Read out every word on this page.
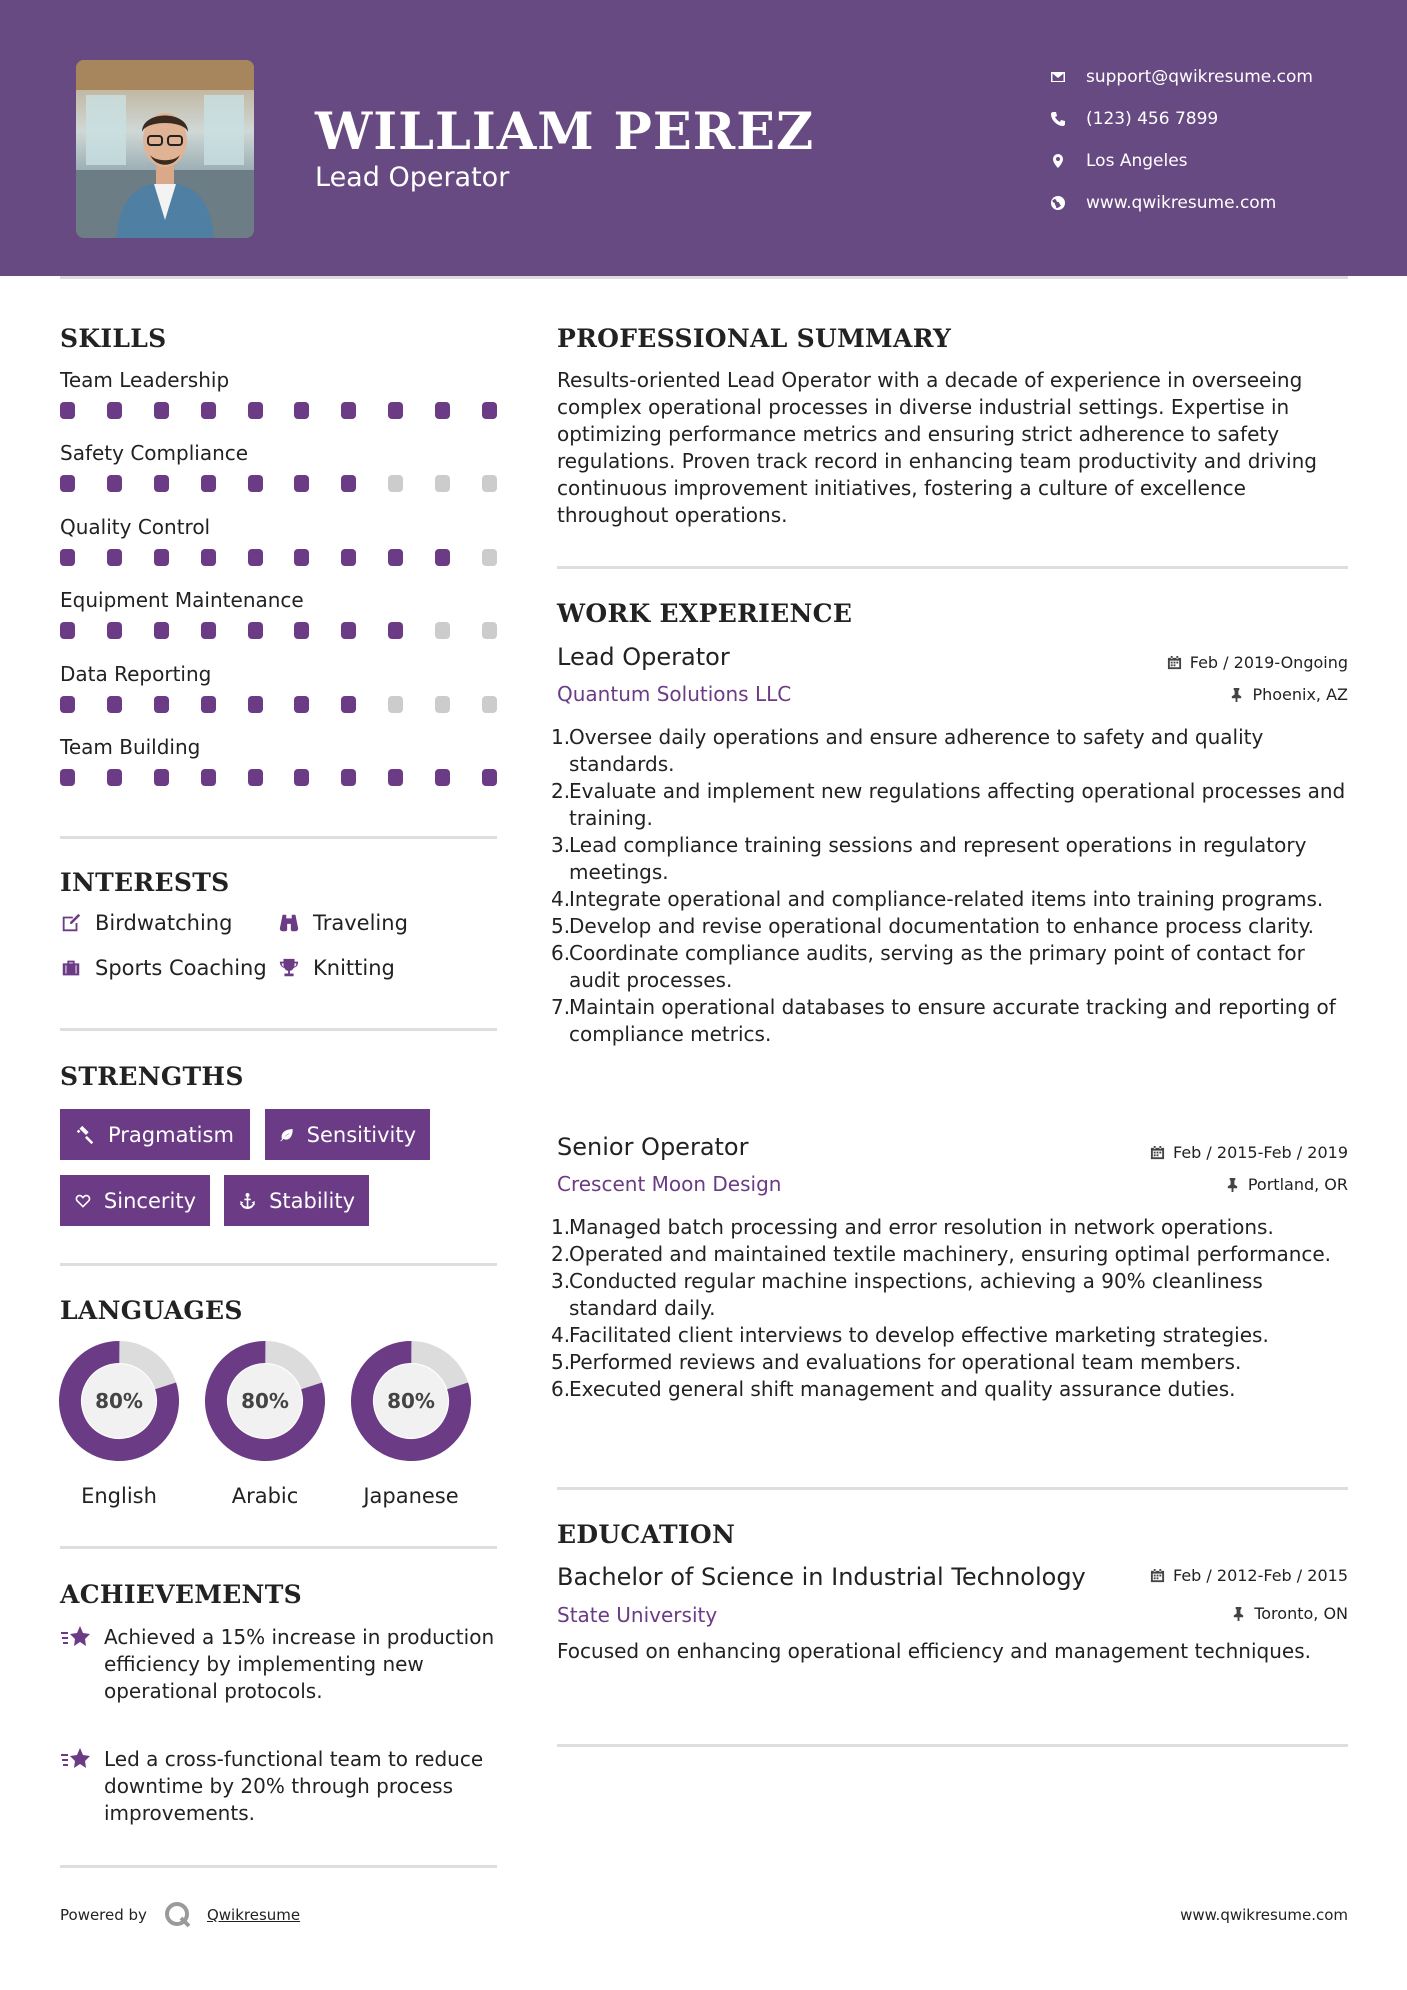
WILLIAM PEREZ
Lead Operator
support@qwikresume.com
(123) 456 7899
Los Angeles
www.qwikresume.com
SKILLS
Team Leadership
Safety Compliance
Quality Control
Equipment Maintenance
Data Reporting
Team Building
INTERESTS
Birdwatching	Traveling
Sports Coaching Knitting
STRENGTHS
Pragmatism	Sensitivity
Sincerity	Stability
LANGUAGES
80%
English
80%
Arabic
80%
Japanese
ACHIEVEMENTS
Achieved a 15% increase in production efficiency by implementing new operational protocols.
Led a cross-functional team to reduce downtime by 20% through process improvements.
PROFESSIONAL SUMMARY
Results-oriented Lead Operator with a decade of experience in overseeing complex operational processes in diverse industrial settings. Expertise in optimizing performance metrics and ensuring strict adherence to safety regulations. Proven track record in enhancing team productivity and driving continuous improvement initiatives, fostering a culture of excellence throughout operations.
WORK EXPERIENCE
Lead Operator	Feb / 2019-Ongoing
Quantum Solutions LLC	Phoenix, AZ
1.
Oversee daily operations and ensure adherence to safety and quality standards.
2.
Evaluate and implement new regulations affecting operational processes and training.
3.
Lead compliance training sessions and represent operations in regulatory meetings.
4.
Integrate operational and compliance-related items into training programs.
5.
Develop and revise operational documentation to enhance process clarity.
6.
Coordinate compliance audits, serving as the primary point of contact for audit processes.
7.
Maintain operational databases to ensure accurate tracking and reporting of compliance metrics.
Senior Operator	Feb / 2015-Feb / 2019
Crescent Moon Design	Portland, OR
1.
Managed batch processing and error resolution in network operations.
2.
Operated and maintained textile machinery, ensuring optimal performance.
3.
Conducted regular machine inspections, achieving a 90% cleanliness standard daily.
4.
Facilitated client interviews to develop effective marketing strategies.
5.
Performed reviews and evaluations for operational team members.
6.
Executed general shift management and quality assurance duties.
EDUCATION
Bachelor of Science in Industrial Technology	Feb / 2012-Feb / 2015
State University	Toronto, ON
Focused on enhancing operational efficiency and management techniques.
Powered by	Qwikresume	www.qwikresume.com
